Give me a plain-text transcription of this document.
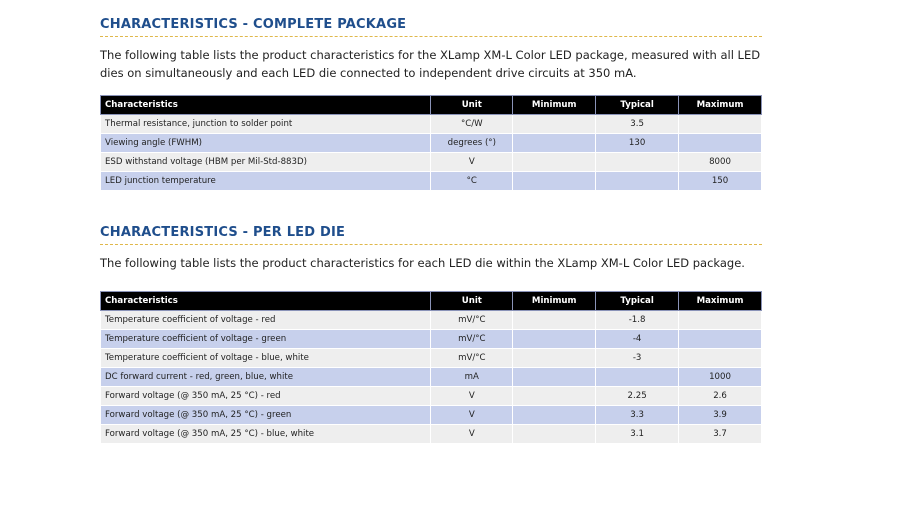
CHARACTERISTICS - COMPLETE PACKAGE
The following table lists the product characteristics for the XLamp XM-L Color LED package, measured with all LED dies on simultaneously and each LED die connected to independent drive circuits at 350 mA.
Characteristics	Unit	Minimum	Typical	Maximum
Thermal resistance, junction to solder point	°C/W		3.5	
Viewing angle (FWHM)	degrees (°)		130	
ESD withstand voltage (HBM per Mil-Std-883D)	V			8000
LED junction temperature	°C			150
CHARACTERISTICS - PER LED DIE
The following table lists the product characteristics for each LED die within the XLamp XM-L Color LED package.
Characteristics	Unit	Minimum	Typical	Maximum
Temperature coefficient of voltage - red	mV/°C		-1.8	
Temperature coefficient of voltage - green	mV/°C		-4	
Temperature coefficient of voltage - blue, white	mV/°C		-3	
DC forward current - red, green, blue, white	mA			1000
Forward voltage (@ 350 mA, 25 °C) - red	V		2.25	2.6
Forward voltage (@ 350 mA, 25 °C) - green	V		3.3	3.9
Forward voltage (@ 350 mA, 25 °C) - blue, white	V		3.1	3.7
